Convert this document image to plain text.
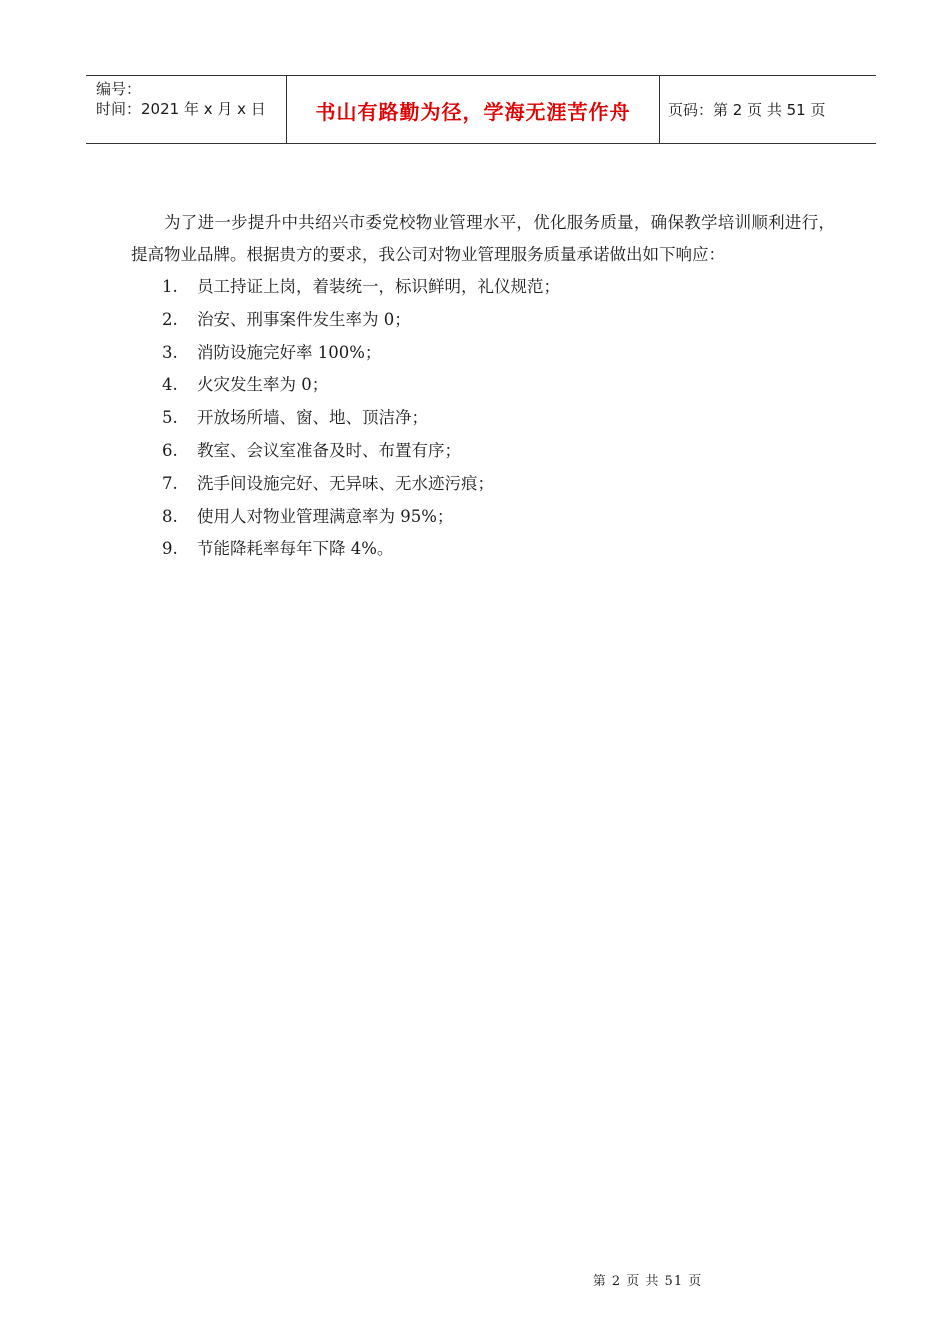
编号：
时间：2021 年 x 月 x 日	书山有路勤为径，学海无涯苦作舟	页码：第 2 页 共 51 页

为了进一步提升中共绍兴市委党校物业管理水平，优化服务质量，确保教学培训顺利进行，提高物业品牌。根据贵方的要求，我公司对物业管理服务质量承诺做出如下响应：

1.	员工持证上岗，着装统一，标识鲜明，礼仪规范；
2.	治安、刑事案件发生率为 0；
3.	消防设施完好率 100%；
4.	火灾发生率为 0；
5.	开放场所墙、窗、地、顶洁净；
6.	教室、会议室准备及时、布置有序；
7.	洗手间设施完好、无异味、无水迹污痕；
8.	使用人对物业管理满意率为 95%；
9.	节能降耗率每年下降 4%。
第 2 页 共 51 页
